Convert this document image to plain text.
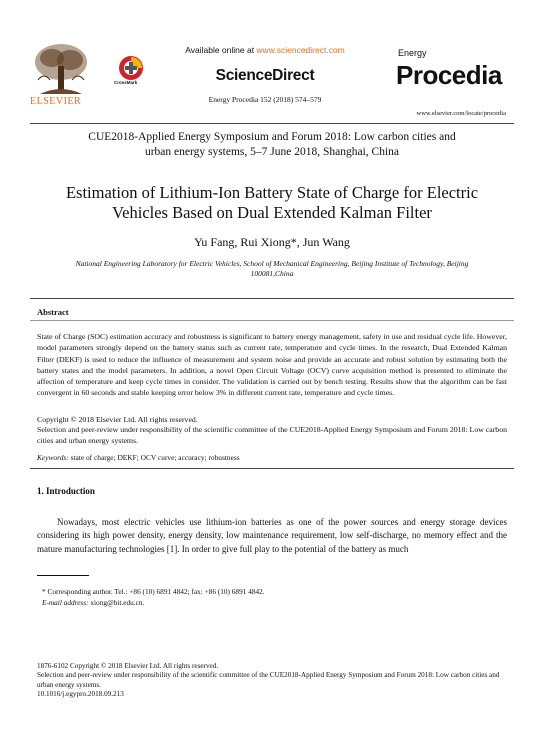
ELSEVIER
Available online at www.sciencedirect.com
CrossMark	ScienceDirect
Energy Procedia 152 (2018) 574–579
Energy
Procedia
www.elsevier.com/locate/procedia
CUE2018-Applied Energy Symposium and Forum 2018: Low carbon cities and
urban energy systems, 5–7 June 2018, Shanghai, China
Estimation of Lithium-Ion Battery State of Charge for Electric
Vehicles Based on Dual Extended Kalman Filter
Yu Fang, Rui Xiong*, Jun Wang
National Engineering Laboratory for Electric Vehicles, School of Mechanical Engineering, Beijing Institute of Technology, Beijing
100081,China
Abstract
State of Charge (SOC) estimation accuracy and robustness is significant to battery energy management, safety in use and residual cycle life. However, model parameters strongly depend on the battery status such as current rate, temperature and cycle times. In the research, Dual Extended Kalman Filter (DEKF) is used to reduce the influence of measurement and system noise and provide an accurate and robust solution by estimating both the battery states and the model parameters. In addition, a novel Open Circuit Voltage (OCV) curve acquisition method is presented to eliminate the affection of temperature and keep cycle times in consider. The validation is carried out by bench testing. Results show that the algorithm can be fast convergent in 60 seconds and stable keeping error below 3% in different current rate, temperature and cycle times.
Copyright © 2018 Elsevier Ltd. All rights reserved.
Selection and peer-review under responsibility of the scientific committee of the CUE2018-Applied Energy Symposium and Forum 2018: Low carbon cities and urban energy systems.
Keywords: state of charge; DEKF; OCV curve; accuracy; robustness
1. Introduction
Nowadays, most electric vehicles use lithium-ion batteries as one of the power sources and energy storage devices considering its high power density, energy density, low maintenance requirement, low self-discharge, no memory effect and the mature manufacturing technologies [1]. In order to give full play to the potential of the battery as much
* Corresponding author. Tel.: +86 (10) 6891 4842; fax: +86 (10) 6891 4842.
E-mail address: xiong@bit.edu.cn.
1876-6102 Copyright © 2018 Elsevier Ltd. All rights reserved.
Selection and peer-review under responsibility of the scientific committee of the CUE2018-Applied Energy Symposium and Forum 2018: Low carbon cities and urban energy systems.
10.1016/j.egypro.2018.09.213
